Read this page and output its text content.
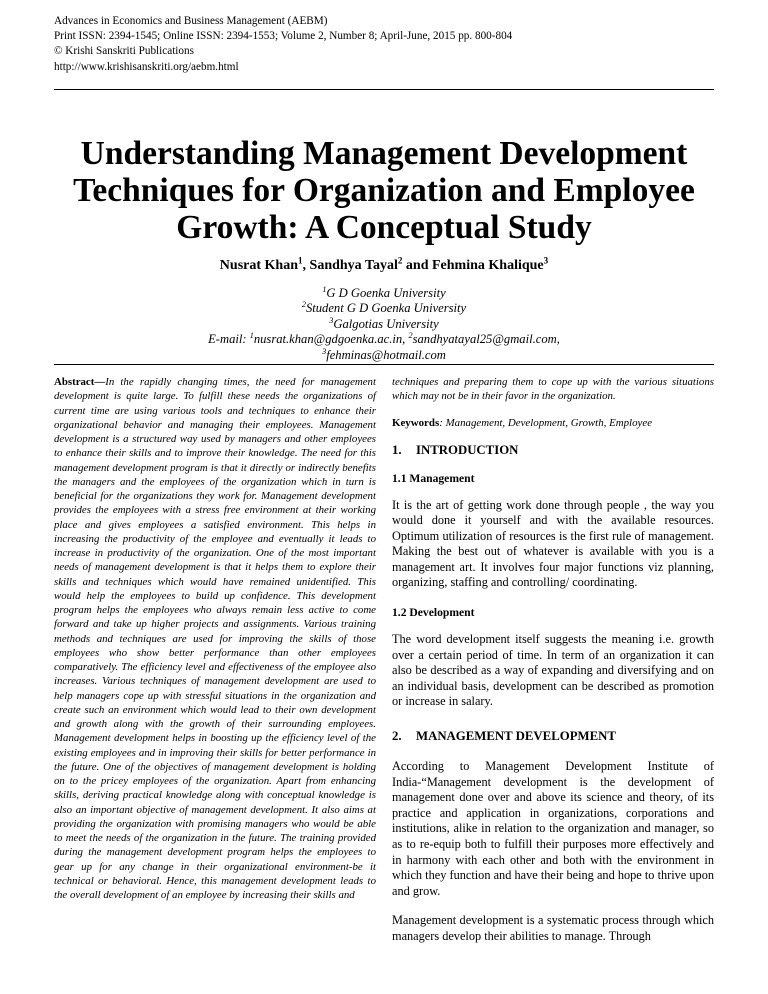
Advances in Economics and Business Management (AEBM)
Print ISSN: 2394-1545; Online ISSN: 2394-1553; Volume 2, Number 8; April-June, 2015 pp. 800-804
© Krishi Sanskriti Publications
http://www.krishisanskriti.org/aebm.html
Understanding Management Development
Techniques for Organization and Employee
Growth: A Conceptual Study
Nusrat Khan$^1$, Sandhya Tayal$^2$ and Fehmina Khalique$^3$
$^1$G D Goenka University
$^2$Student G D Goenka University
$^3$Galgotias University
E-mail: $^1$nusrat.khan@gdgoenka.ac.in, $^2$sandhyatayal25@gmail.com,
$^3$fehminas@hotmail.com

Abstract—In the rapidly changing times, the need for management development is quite large. To fulfill these needs the organizations of current time are using various tools and techniques to enhance their organizational behavior and managing their employees. Management development is a structured way used by managers and other employees to enhance their skills and to improve their knowledge. The need for this management development program is that it directly or indirectly benefits the managers and the employees of the organization which in turn is beneficial for the organizations they work for. Management development provides the employees with a stress free environment at their working place and gives employees a satisfied environment. This helps in increasing the productivity of the employee and eventually it leads to increase in productivity of the organization. One of the most important needs of management development is that it helps them to explore their skills and techniques which would have remained unidentified. This would help the employees to build up confidence. This development program helps the employees who always remain less active to come forward and take up higher projects and assignments. Various training methods and techniques are used for improving the skills of those employees who show better performance than other employees comparatively. The efficiency level and effectiveness of the employee also increases. Various techniques of management development are used to help managers cope up with stressful situations in the organization and create such an environment which would lead to their own development and growth along with the growth of their surrounding employees. Management development helps in boosting up the efficiency level of the existing employees and in improving their skills for better performance in the future. One of the objectives of management development is holding on to the pricey employees of the organization. Apart from enhancing skills, deriving practical knowledge along with conceptual knowledge is also an important objective of management development. It also aims at providing the organization with promising managers who would be able to meet the needs of the organization in the future. The training provided during the management development program helps the employees to gear up for any change in their organizational environment-be it technical or behavioral. Hence, this management development leads to the overall development of an employee by increasing their skills and

techniques and preparing them to cope up with the various situations which may not be in their favor in the organization.

Keywords: Management, Development, Growth, Employee

1. INTRODUCTION

1.1 Management

It is the art of getting work done through people , the way you would done it yourself and with the available resources. Optimum utilization of resources is the first rule of management. Making the best out of whatever is available with you is a management art. It involves four major functions viz planning, organizing, staffing and controlling/ coordinating.

1.2 Development

The word development itself suggests the meaning i.e. growth over a certain period of time. In term of an organization it can also be described as a way of expanding and diversifying and on an individual basis, development can be described as promotion or increase in salary.

2. MANAGEMENT DEVELOPMENT

According to Management Development Institute of India-“Management development is the development of management done over and above its science and theory, of its practice and application in organizations, corporations and institutions, alike in relation to the organization and manager, so as to re-equip both to fulfill their purposes more effectively and in harmony with each other and both with the environment in which they function and have their being and hope to thrive upon and grow.

Management development is a systematic process through which managers develop their abilities to manage. Through
